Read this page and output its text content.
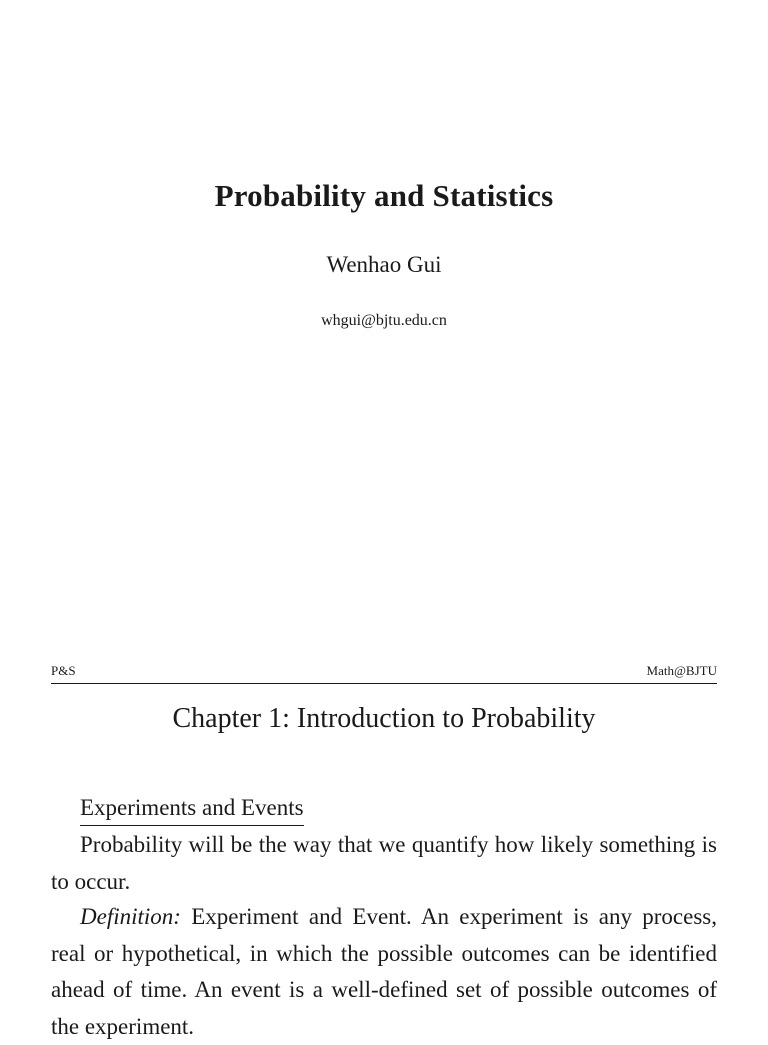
Probability and Statistics
Wenhao Gui
whgui@bjtu.edu.cn
P&S	Math@BJTU
Chapter 1: Introduction to Probability
Experiments and Events
Probability will be the way that we quantify how likely something is to occur.
Definition: Experiment and Event. An experiment is any process, real or hypothetical, in which the possible outcomes can be identified ahead of time. An event is a well-defined set of possible outcomes of the experiment.
